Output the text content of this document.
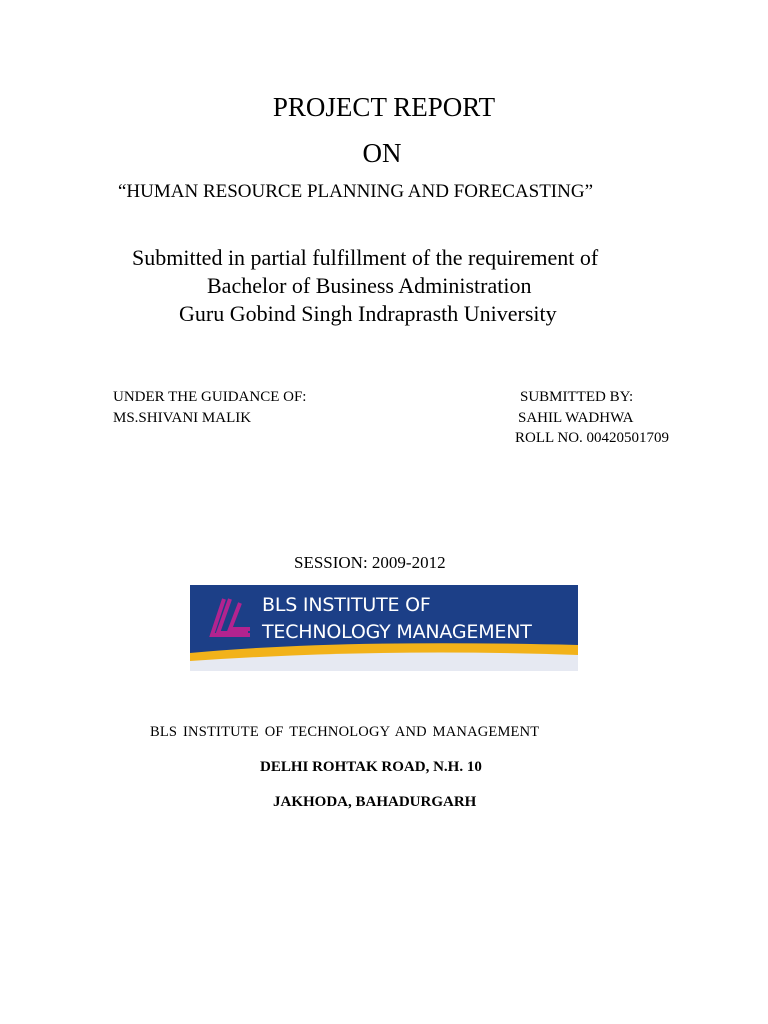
PROJECT REPORT
ON
“HUMAN RESOURCE PLANNING AND FORECASTING”
Submitted in partial fulfillment of the requirement of
Bachelor of Business Administration
Guru Gobind Singh Indraprasth University
UNDER THE GUIDANCE OF:
MS.SHIVANI MALIK
SUBMITTED BY:
SAHIL WADHWA
ROLL NO. 00420501709
SESSION: 2009-2012
BLS INSTITUTE OF
TECHNOLOGY MANAGEMENT
BLS INSTITUTE OF TECHNOLOGY AND MANAGEMENT
DELHI ROHTAK ROAD, N.H. 10
JAKHODA, BAHADURGARH
